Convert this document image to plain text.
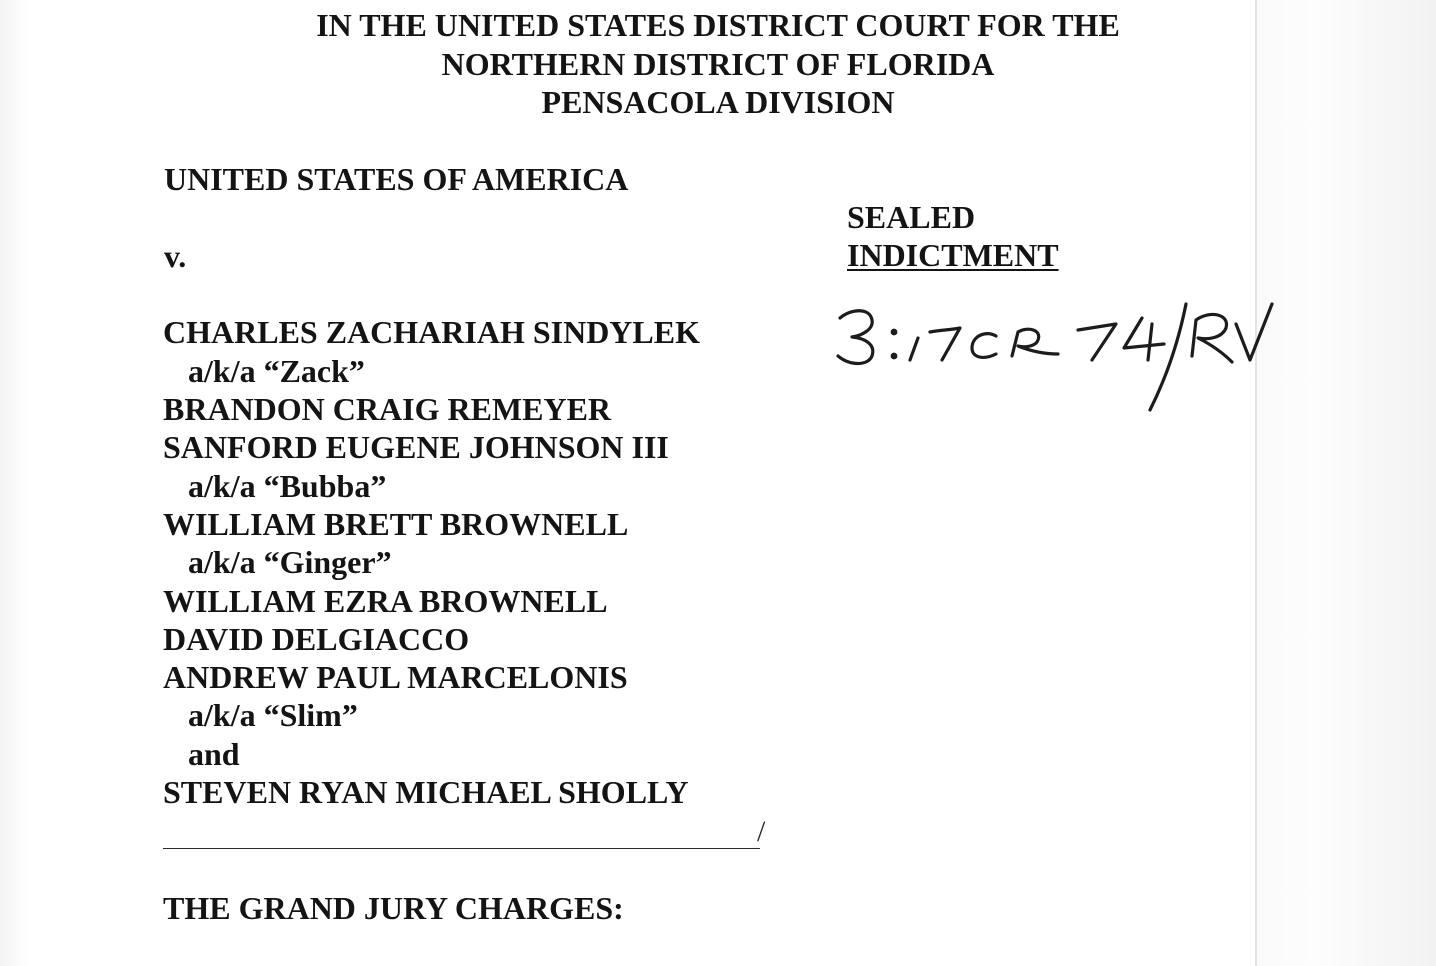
IN THE UNITED STATES DISTRICT COURT FOR THE
NORTHERN DISTRICT OF FLORIDA
PENSACOLA DIVISION
UNITED STATES OF AMERICA
v.
SEALED
INDICTMENT
CHARLES ZACHARIAH SINDYLEK
a/k/a “Zack”
BRANDON CRAIG REMEYER
SANFORD EUGENE JOHNSON III
a/k/a “Bubba”
WILLIAM BRETT BROWNELL
a/k/a “Ginger”
WILLIAM EZRA BROWNELL
DAVID DELGIACCO
ANDREW PAUL MARCELONIS
a/k/a “Slim”
and
STEVEN RYAN MICHAEL SHOLLY
/
THE GRAND JURY CHARGES:
